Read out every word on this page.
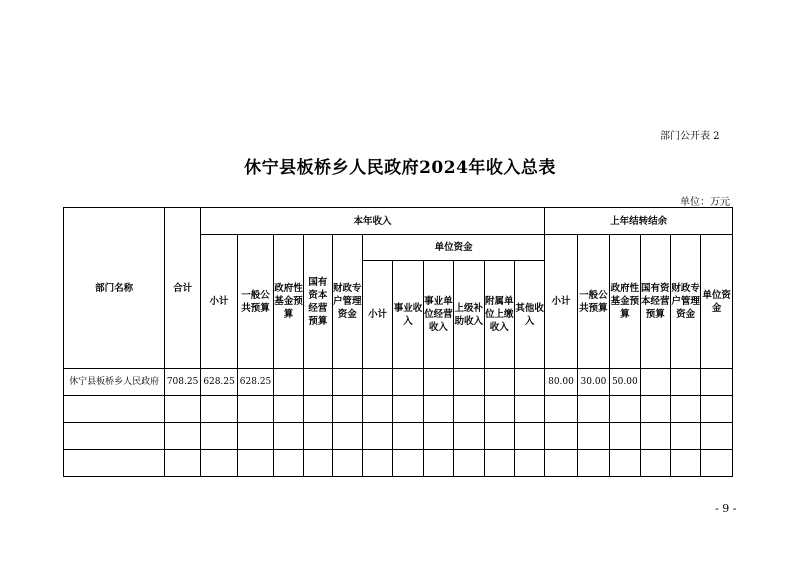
部门公开表 2
休宁县板桥乡人民政府2024年收入总表
单位：万元
部门名称	合计	本年收入											上年结转结余					
		小计	一般公共预算	政府性基金预算	国有资本经营预算	财政专户管理资金	单位资金						小计	一般公共预算	政府性基金预算	国有资本经营预算	财政专户管理资金	单位资金
							小计	事业收入	事业单位经营收入	上级补助收入	附属单位上缴收入	其他收入						
休宁县板桥乡人民政府	708.25	628.25	628.25										80.00	30.00	50.00			

- 9 -
